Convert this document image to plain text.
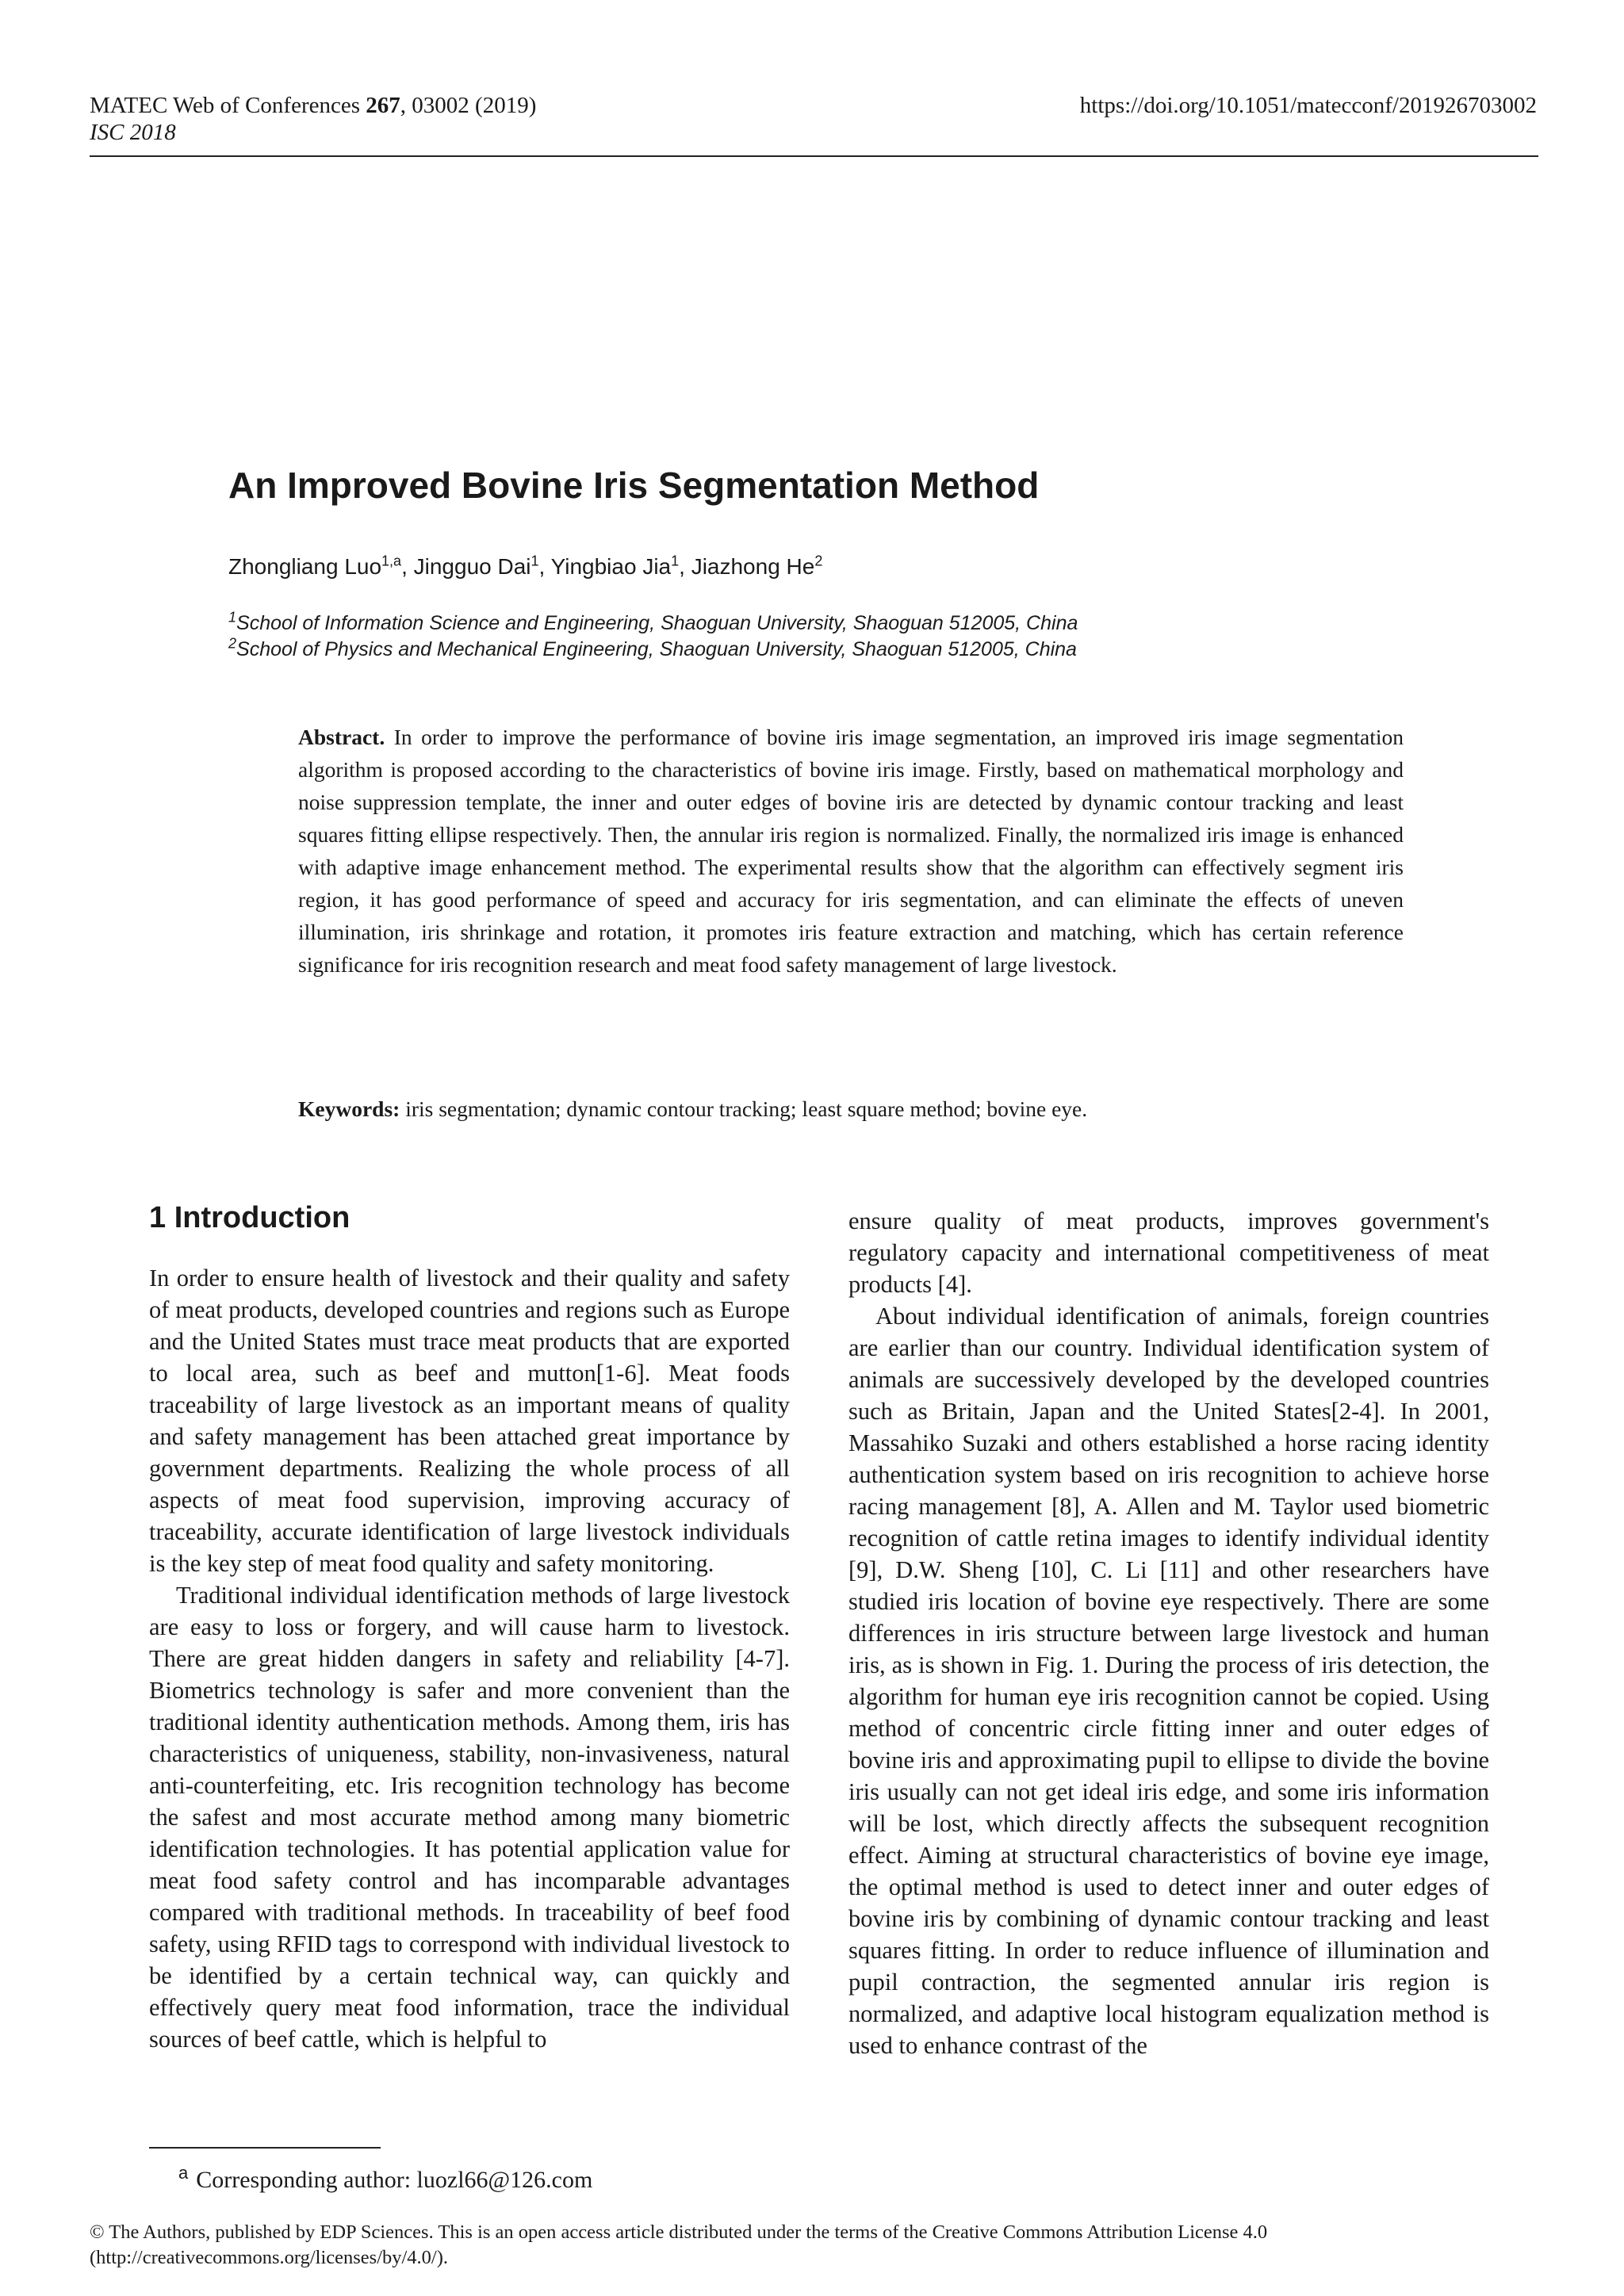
MATEC Web of Conferences 267, 03002 (2019)
ISC 2018
https://doi.org/10.1051/matecconf/201926703002
An Improved Bovine Iris Segmentation Method
Zhongliang Luo$^{1,a}$, Jingguo Dai$^1$, Yingbiao Jia$^1$, Jiazhong He$^2$
$^1$School of Information Science and Engineering, Shaoguan University, Shaoguan 512005, China
$^2$School of Physics and Mechanical Engineering, Shaoguan University, Shaoguan 512005, China

Abstract. In order to improve the performance of bovine iris image segmentation, an improved iris image segmentation algorithm is proposed according to the characteristics of bovine iris image. Firstly, based on mathematical morphology and noise suppression template, the inner and outer edges of bovine iris are detected by dynamic contour tracking and least squares fitting ellipse respectively. Then, the annular iris region is normalized. Finally, the normalized iris image is enhanced with adaptive image enhancement method. The experimental results show that the algorithm can effectively segment iris region, it has good performance of speed and accuracy for iris segmentation, and can eliminate the effects of uneven illumination, iris shrinkage and rotation, it promotes iris feature extraction and matching, which has certain reference significance for iris recognition research and meat food safety management of large livestock.

Keywords: iris segmentation; dynamic contour tracking; least square method; bovine eye.

1 Introduction

In order to ensure health of livestock and their quality and safety of meat products, developed countries and regions such as Europe and the United States must trace meat products that are exported to local area, such as beef and mutton[1-6]. Meat foods traceability of large livestock as an important means of quality and safety management has been attached great importance by government departments. Realizing the whole process of all aspects of meat food supervision, improving accuracy of traceability, accurate identification of large livestock individuals is the key step of meat food quality and safety monitoring.

Traditional individual identification methods of large livestock are easy to loss or forgery, and will cause harm to livestock. There are great hidden dangers in safety and reliability [4-7]. Biometrics technology is safer and more convenient than the traditional identity authentication methods. Among them, iris has characteristics of uniqueness, stability, non-invasiveness, natural anti-counterfeiting, etc. Iris recognition technology has become the safest and most accurate method among many biometric identification technologies. It has potential application value for meat food safety control and has incomparable advantages compared with traditional methods. In traceability of beef food safety, using RFID tags to correspond with individual livestock to be identified by a certain technical way, can quickly and effectively query meat food information, trace the individual sources of beef cattle, which is helpful to

ensure quality of meat products, improves government's regulatory capacity and international competitiveness of meat products [4].

About individual identification of animals, foreign countries are earlier than our country. Individual identification system of animals are successively developed by the developed countries such as Britain, Japan and the United States[2-4]. In 2001, Massahiko Suzaki and others established a horse racing identity authentication system based on iris recognition to achieve horse racing management [8], A. Allen and M. Taylor used biometric recognition of cattle retina images to identify individual identity [9], D.W. Sheng [10], C. Li [11] and other researchers have studied iris location of bovine eye respectively. There are some differences in iris structure between large livestock and human iris, as is shown in Fig. 1. During the process of iris detection, the algorithm for human eye iris recognition cannot be copied. Using method of concentric circle fitting inner and outer edges of bovine iris and approximating pupil to ellipse to divide the bovine iris usually can not get ideal iris edge, and some iris information will be lost, which directly affects the subsequent recognition effect. Aiming at structural characteristics of bovine eye image, the optimal method is used to detect inner and outer edges of bovine iris by combining of dynamic contour tracking and least squares fitting. In order to reduce influence of illumination and pupil contraction, the segmented annular iris region is normalized, and adaptive local histogram equalization method is used to enhance contrast of the

$^a$ Corresponding author: luozl66@126.com

© The Authors, published by EDP Sciences. This is an open access article distributed under the terms of the Creative Commons Attribution License 4.0
(http://creativecommons.org/licenses/by/4.0/).
